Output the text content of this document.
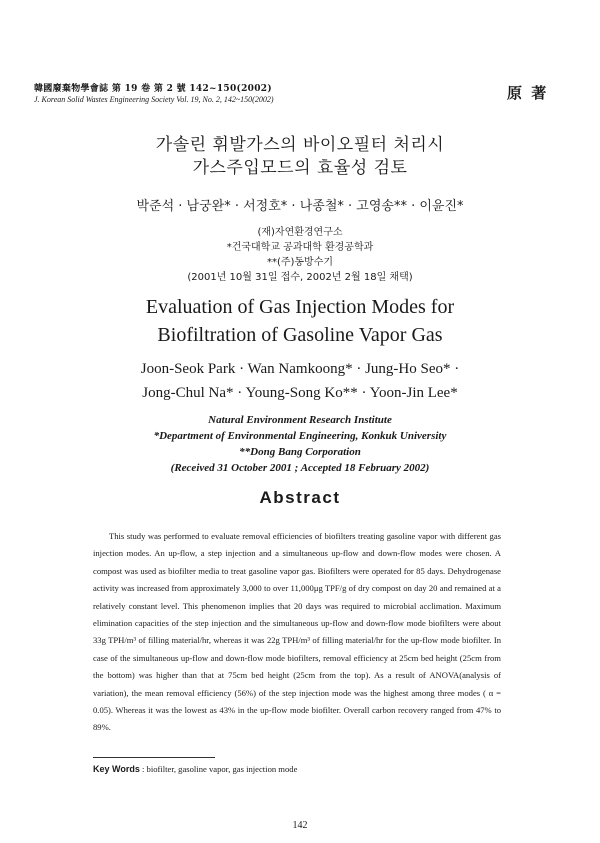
韓國廢棄物學會誌 第 19 卷 第 2 號 142~150(2002)
J. Korean Solid Wastes Engineering Society Vol. 19, No. 2, 142~150(2002)	原 著
가솔린 휘발가스의 바이오필터 처리시
가스주입모드의 효율성 검토
박준석 · 남궁완* · 서정호* · 나종철* · 고영송** · 이윤진*
(재)자연환경연구소
*건국대학교 공과대학 환경공학과
**(주)동방수기
(2001년 10월 31일 접수, 2002년 2월 18일 채택)
Evaluation of Gas Injection Modes for
Biofiltration of Gasoline Vapor Gas
Joon-Seok Park · Wan Namkoong* · Jung-Ho Seo* ·
Jong-Chul Na* · Young-Song Ko** · Yoon-Jin Lee*
Natural Environment Research Institute
*Department of Environmental Engineering, Konkuk University
**Dong Bang Corporation
(Received 31 October 2001 ; Accepted 18 February 2002)
Abstract

This study was performed to evaluate removal efficiencies of biofilters treating gasoline vapor with different gas injection modes. An up-flow, a step injection and a simultaneous up-flow and down-flow modes were chosen. A compost was used as biofilter media to treat gasoline vapor gas. Biofilters were operated for 85 days. Dehydrogenase activity was increased from approximately 3,000 to over 11,000μg TPF/g of dry compost on day 20 and remained at a relatively constant level. This phenomenon implies that 20 days was required to microbial acclimation. Maximum elimination capacities of the step injection and the simultaneous up-flow and down-flow mode biofilters were about 33g TPH/m³ of filling material/hr, whereas it was 22g TPH/m³ of filling material/hr for the up-flow mode biofilter. In case of the simultaneous up-flow and down-flow mode biofilters, removal efficiency at 25cm bed height (25cm from the bottom) was higher than that at 75cm bed height (25cm from the top). As a result of ANOVA(analysis of variation), the mean removal efficiency (56%) of the step injection mode was the highest among three modes ( α = 0.05). Whereas it was the lowest as 43% in the up-flow mode biofilter. Overall carbon recovery ranged from 47% to 89%.

Key Words : biofilter, gasoline vapor, gas injection mode
142
